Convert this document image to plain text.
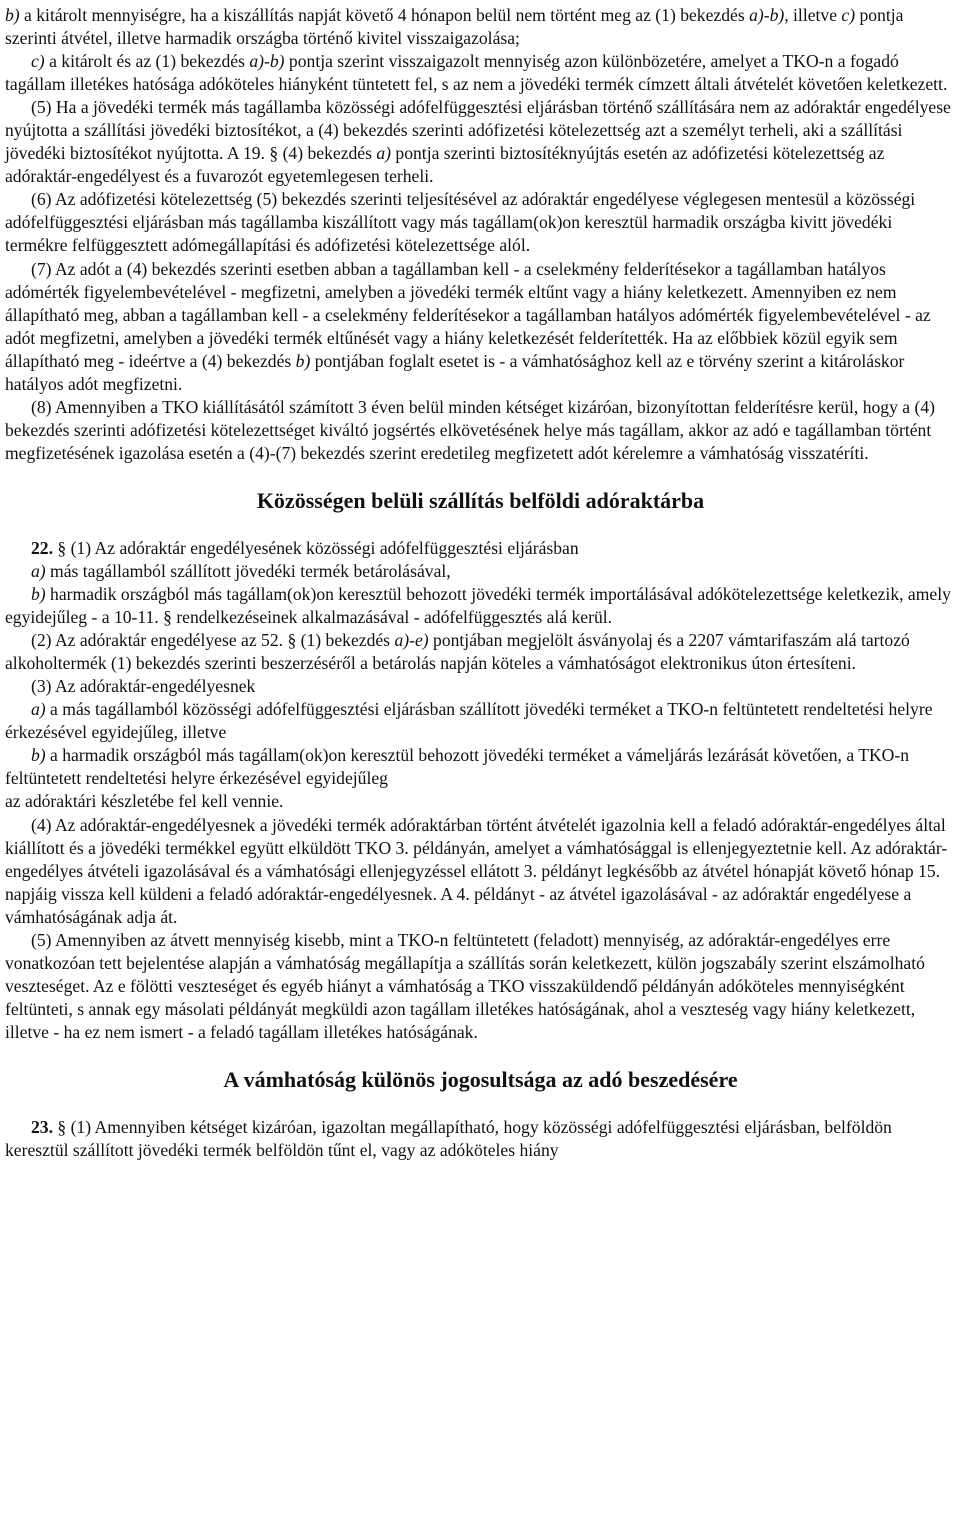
b) a kitárolt mennyiségre, ha a kiszállítás napját követő 4 hónapon belül nem történt meg az (1) bekezdés a)-b), illetve c) pontja szerinti átvétel, illetve harmadik országba történő kivitel visszaigazolása;

c) a kitárolt és az (1) bekezdés a)-b) pontja szerint visszaigazolt mennyiség azon különbözetére, amelyet a TKO-n a fogadó tagállam illetékes hatósága adóköteles hiányként tüntetett fel, s az nem a jövedéki termék címzett általi átvételét követően keletkezett.

(5) Ha a jövedéki termék más tagállamba közösségi adófelfüggesztési eljárásban történő szállítására nem az adóraktár engedélyese nyújtotta a szállítási jövedéki biztosítékot, a (4) bekezdés szerinti adófizetési kötelezettség azt a személyt terheli, aki a szállítási jövedéki biztosítékot nyújtotta. A 19. § (4) bekezdés a) pontja szerinti biztosítéknyújtás esetén az adófizetési kötelezettség az adóraktár-engedélyest és a fuvarozót egyetemlegesen terheli.

(6) Az adófizetési kötelezettség (5) bekezdés szerinti teljesítésével az adóraktár engedélyese véglegesen mentesül a közösségi adófelfüggesztési eljárásban más tagállamba kiszállított vagy más tagállam(ok)on keresztül harmadik országba kivitt jövedéki termékre felfüggesztett adómegállapítási és adófizetési kötelezettsége alól.

(7) Az adót a (4) bekezdés szerinti esetben abban a tagállamban kell - a cselekmény felderítésekor a tagállamban hatályos adómérték figyelembevételével - megfizetni, amelyben a jövedéki termék eltűnt vagy a hiány keletkezett. Amennyiben ez nem állapítható meg, abban a tagállamban kell - a cselekmény felderítésekor a tagállamban hatályos adómérték figyelembevételével - az adót megfizetni, amelyben a jövedéki termék eltűnését vagy a hiány keletkezését felderítették. Ha az előbbiek közül egyik sem állapítható meg - ideértve a (4) bekezdés b) pontjában foglalt esetet is - a vámhatósághoz kell az e törvény szerint a kitároláskor hatályos adót megfizetni.

(8) Amennyiben a TKO kiállításától számított 3 éven belül minden kétséget kizáróan, bizonyítottan felderítésre kerül, hogy a (4) bekezdés szerinti adófizetési kötelezettséget kiváltó jogsértés elkövetésének helye más tagállam, akkor az adó e tagállamban történt megfizetésének igazolása esetén a (4)-(7) bekezdés szerint eredetileg megfizetett adót kérelemre a vámhatóság visszatéríti.

Közösségen belüli szállítás belföldi adóraktárba

22. § (1) Az adóraktár engedélyesének közösségi adófelfüggesztési eljárásban

a) más tagállamból szállított jövedéki termék betárolásával,

b) harmadik országból más tagállam(ok)on keresztül behozott jövedéki termék importálásával adókötelezettsége keletkezik, amely egyidejűleg - a 10-11. § rendelkezéseinek alkalmazásával - adófelfüggesztés alá kerül.

(2) Az adóraktár engedélyese az 52. § (1) bekezdés a)-e) pontjában megjelölt ásványolaj és a 2207 vámtarifaszám alá tartozó alkoholtermék (1) bekezdés szerinti beszerzéséről a betárolás napján köteles a vámhatóságot elektronikus úton értesíteni.

(3) Az adóraktár-engedélyesnek

a) a más tagállamból közösségi adófelfüggesztési eljárásban szállított jövedéki terméket a TKO-n feltüntetett rendeltetési helyre érkezésével egyidejűleg, illetve

b) a harmadik országból más tagállam(ok)on keresztül behozott jövedéki terméket a vámeljárás lezárását követően, a TKO-n feltüntetett rendeltetési helyre érkezésével egyidejűleg

az adóraktári készletébe fel kell vennie.

(4) Az adóraktár-engedélyesnek a jövedéki termék adóraktárban történt átvételét igazolnia kell a feladó adóraktár-engedélyes által kiállított és a jövedéki termékkel együtt elküldött TKO 3. példányán, amelyet a vámhatósággal is ellenjegyeztetnie kell. Az adóraktár-engedélyes átvételi igazolásával és a vámhatósági ellenjegyzéssel ellátott 3. példányt legkésőbb az átvétel hónapját követő hónap 15. napjáig vissza kell küldeni a feladó adóraktár-engedélyesnek. A 4. példányt - az átvétel igazolásával - az adóraktár engedélyese a vámhatóságának adja át.

(5) Amennyiben az átvett mennyiség kisebb, mint a TKO-n feltüntetett (feladott) mennyiség, az adóraktár-engedélyes erre vonatkozóan tett bejelentése alapján a vámhatóság megállapítja a szállítás során keletkezett, külön jogszabály szerint elszámolható veszteséget. Az e fölötti veszteséget és egyéb hiányt a vámhatóság a TKO visszaküldendő példányán adóköteles mennyiségként feltünteti, s annak egy másolati példányát megküldi azon tagállam illetékes hatóságának, ahol a veszteség vagy hiány keletkezett, illetve - ha ez nem ismert - a feladó tagállam illetékes hatóságának.

A vámhatóság különös jogosultsága az adó beszedésére

23. § (1) Amennyiben kétséget kizáróan, igazoltan megállapítható, hogy közösségi adófelfüggesztési eljárásban, belföldön keresztül szállított jövedéki termék belföldön tűnt el, vagy az adóköteles hiány
